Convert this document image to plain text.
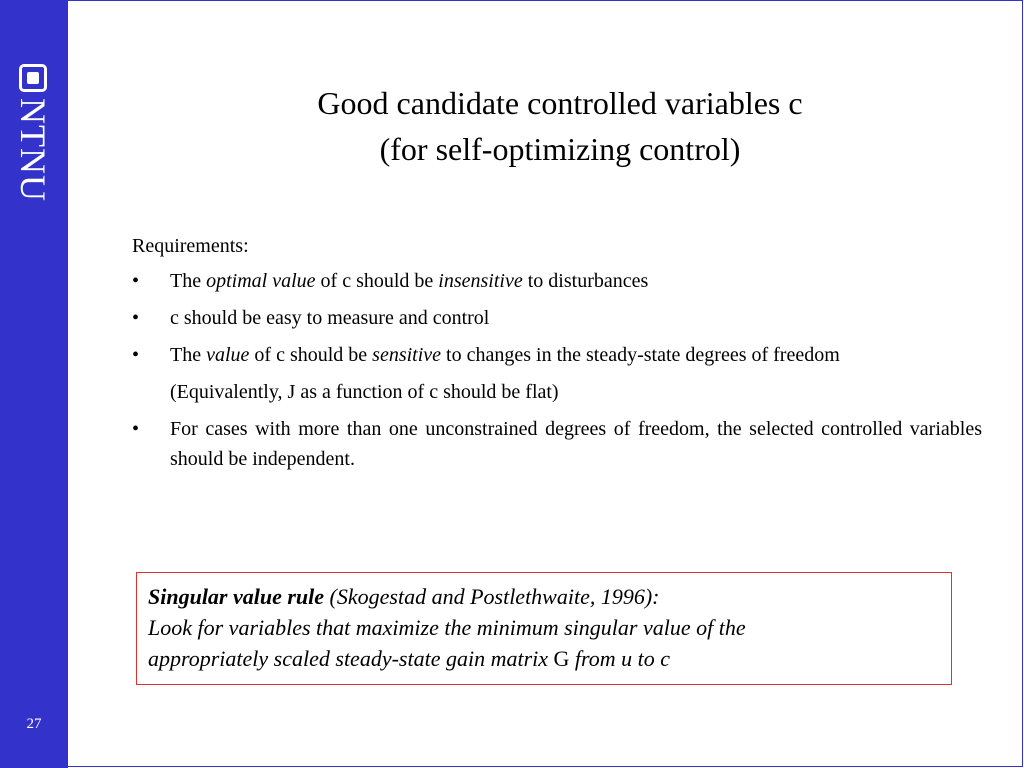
NTNU
27
Good candidate controlled variables c
(for self-optimizing control)
Requirements:
• The optimal value of c should be insensitive to disturbances
• c should be easy to measure and control
• The value of c should be sensitive to changes in the steady-state degrees of freedom
(Equivalently, J as a function of c should be flat)
• For cases with more than one unconstrained degrees of freedom, the selected controlled variables should be independent.
Singular value rule (Skogestad and Postlethwaite, 1996):
Look for variables that maximize the minimum singular value of the
appropriately scaled steady-state gain matrix G from u to c
